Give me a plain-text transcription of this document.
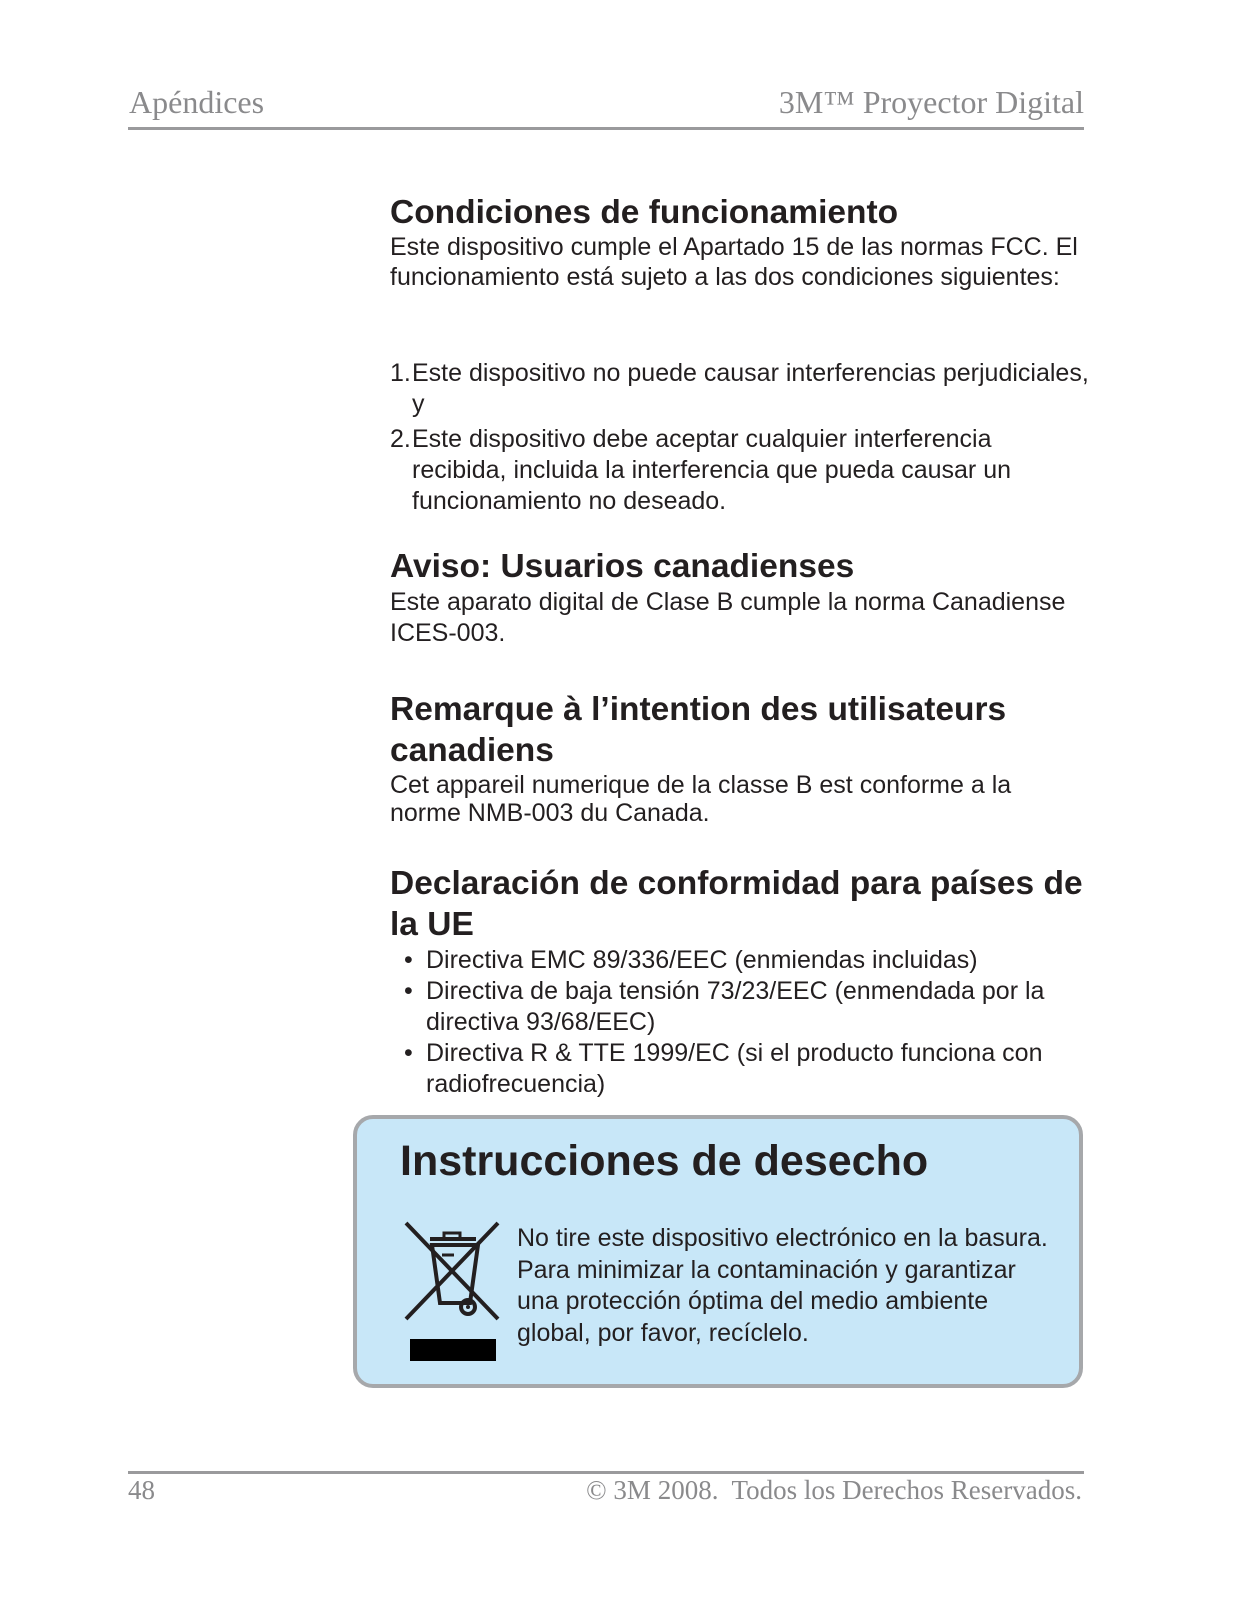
Apéndices	3M™ Proyector Digital
Condiciones de funcionamiento

Este dispositivo cumple el Apartado 15 de las normas FCC. El funcionamiento está sujeto a las dos condiciones siguientes:

1. Este dispositivo no puede causar interferencias perjudiciales, y
2. Este dispositivo debe aceptar cualquier interferencia recibida, incluida la interferencia que pueda causar un funcionamiento no deseado.
Aviso: Usuarios canadienses

Este aparato digital de Clase B cumple la norma Canadiense ICES-003.

Remarque à l’intention des utilisateurs canadiens

Cet appareil numerique de la classe B est conforme a la norme NMB-003 du Canada.

Declaración de conformidad para países de la UE
• Directiva EMC 89/336/EEC (enmiendas incluidas)
• Directiva de baja tensión 73/23/EEC (enmendada por la directiva 93/68/EEC)
• Directiva R & TTE 1999/EC (si el producto funciona con radiofrecuencia)
Instrucciones de desecho
No tire este dispositivo electrónico en la basura. Para minimizar la contaminación y garantizar una protección óptima del medio ambiente global, por favor, recíclelo.
48	© 3M 2008.  Todos los Derechos Reservados.
